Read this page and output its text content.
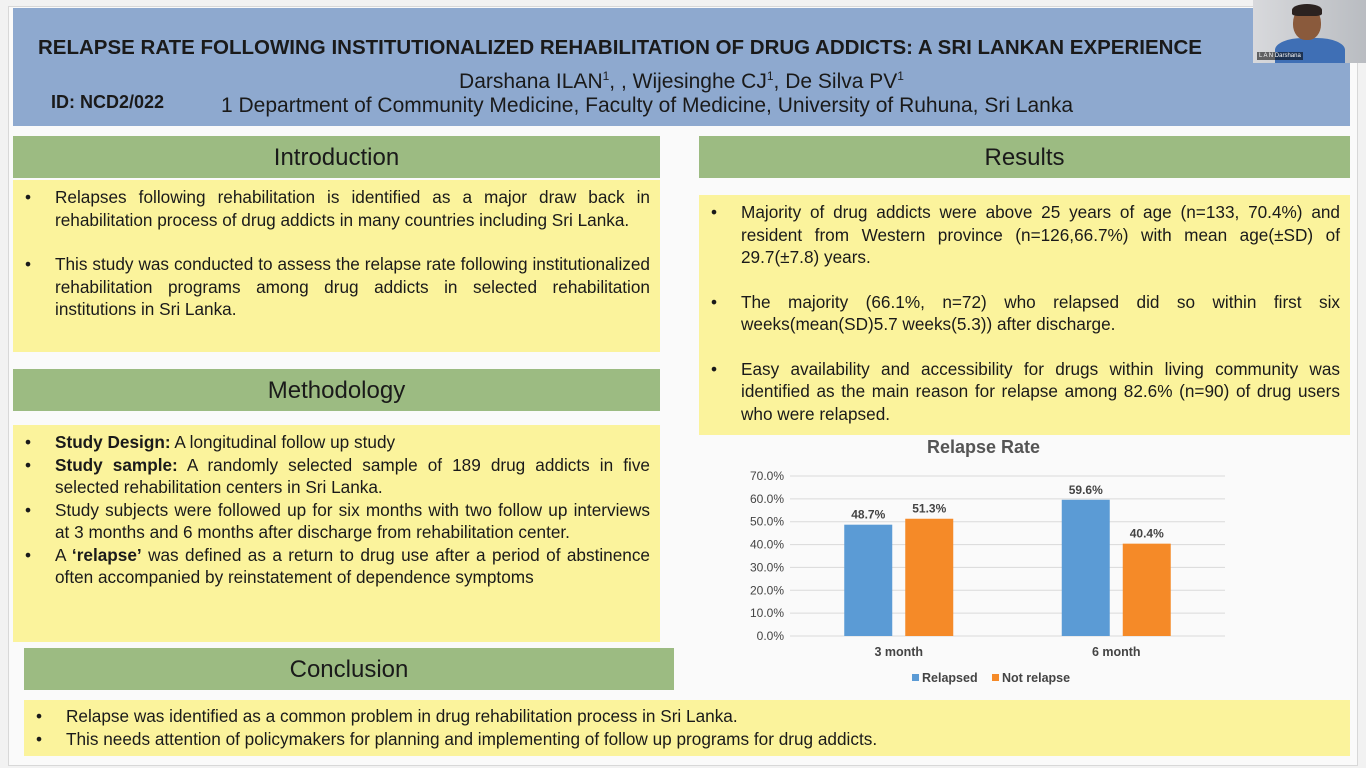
RELAPSE RATE FOLLOWING INSTITUTIONALIZED REHABILITATION OF DRUG ADDICTS: A SRI LANKAN EXPERIENCE
Darshana ILAN$^1$, , Wijesinghe $CJ^1$, De Silva $PV^1$
ID: NCD2/022	1 Department of Community Medicine, Faculty of Medicine, University of Ruhuna, Sri Lanka
L A N Darshana
Introduction
• Relapses following rehabilitation is identified as a major draw back in rehabilitation process of drug addicts in many countries including Sri Lanka.
• This study was conducted to assess the relapse rate following institutionalized rehabilitation programs among drug addicts in selected rehabilitation institutions in Sri Lanka.
Methodology
• Study Design: A longitudinal follow up study
• Study sample: A randomly selected sample of 189 drug addicts in five selected rehabilitation centers in Sri Lanka.
• Study subjects were followed up for six months with two follow up interviews at 3 months and 6 months after discharge from rehabilitation center.
• A ‘relapse’ was defined as a return to drug use after a period of abstinence often accompanied by reinstatement of dependence symptoms
Conclusion
• Relapse was identified as a common problem in drug rehabilitation process in Sri Lanka.
• This needs attention of policymakers for planning and implementing of follow up programs for drug addicts.
Results
• Majority of drug addicts were above 25 years of age (n=133, 70.4%) and resident from Western province (n=126,66.7%) with mean age(±SD) of 29.7(±7.8) years.
• The majority (66.1%, n=72) who relapsed did so within first six weeks(mean(SD)5.7 weeks(5.3)) after discharge.
• Easy availability and accessibility for drugs within living community was identified as the main reason for relapse among 82.6% (n=90) of drug users who were relapsed.
Relapse Rate
0.0%
10.0%
20.0%
30.0%
40.0%
50.0%
60.0%
70.0%
48.7% 51.3%
3 month
59.6%
40.4%
6 month
Relapsed Not relapse
